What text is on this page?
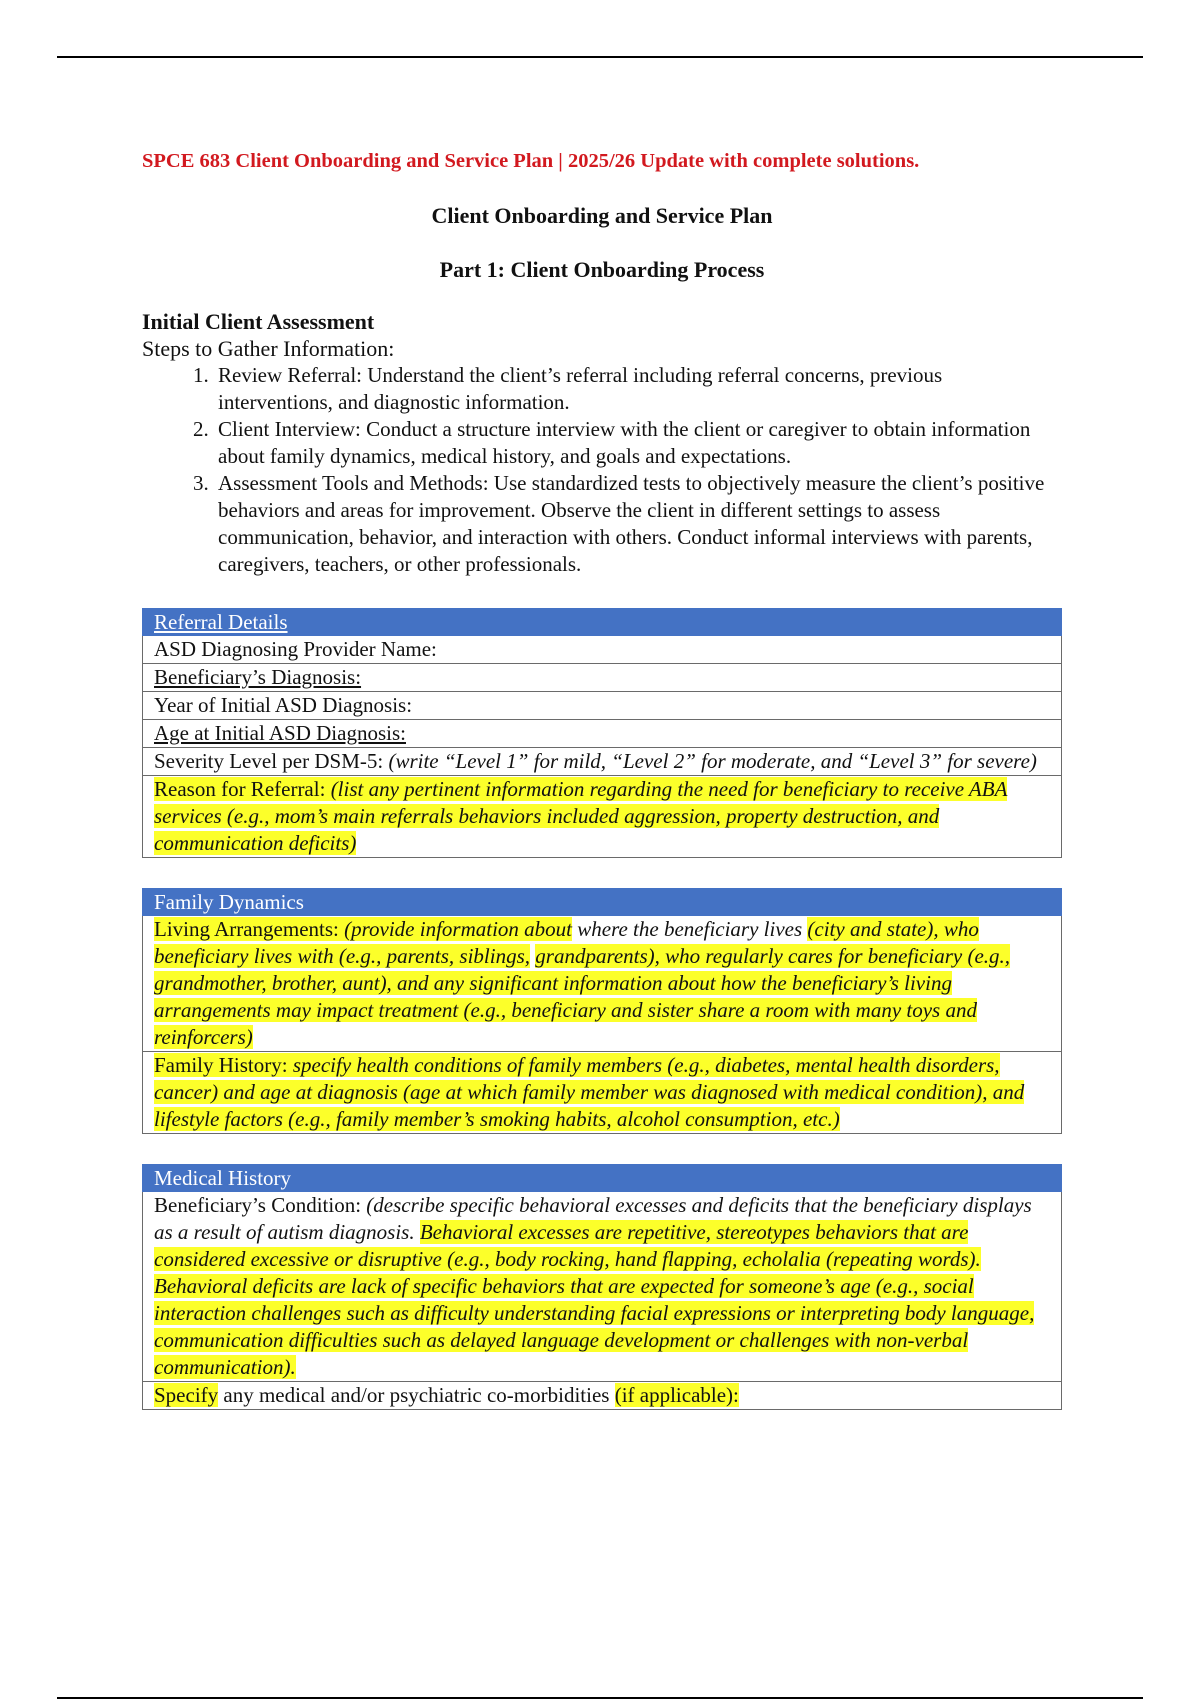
SPCE 683 Client Onboarding and Service Plan | 2025/26 Update with complete solutions.

Client Onboarding and Service Plan

Part 1: Client Onboarding Process

Initial Client Assessment

Steps to Gather Information:

1. Review Referral: Understand the client’s referral including referral concerns, previous interventions, and diagnostic information.
2. Client Interview: Conduct a structure interview with the client or caregiver to obtain information about family dynamics, medical history, and goals and expectations.
3. Assessment Tools and Methods: Use standardized tests to objectively measure the client’s positive behaviors and areas for improvement. Observe the client in different settings to assess communication, behavior, and interaction with others. Conduct informal interviews with parents, caregivers, teachers, or other professionals.
Referral Details
ASD Diagnosing Provider Name:
Beneficiary’s Diagnosis:
Year of Initial ASD Diagnosis:
Age at Initial ASD Diagnosis:
Severity Level per DSM-5: (write “Level 1” for mild, “Level 2” for moderate, and “Level 3” for severe)
Reason for Referral: (list any pertinent information regarding the need for beneficiary to receive ABA services (e.g., mom’s main referrals behaviors included aggression, property destruction, and communication deficits)
Family Dynamics
Living Arrangements: (provide information about where the beneficiary lives (city and state), who beneficiary lives with (e.g., parents, siblings, grandparents), who regularly cares for beneficiary (e.g., grandmother, brother, aunt), and any significant information about how the beneficiary’s living arrangements may impact treatment (e.g., beneficiary and sister share a room with many toys and reinforcers)
Family History: specify health conditions of family members (e.g., diabetes, mental health disorders, cancer) and age at diagnosis (age at which family member was diagnosed with medical condition), and lifestyle factors (e.g., family member’s smoking habits, alcohol consumption, etc.)
Medical History
Beneficiary’s Condition: (describe specific behavioral excesses and deficits that the beneficiary displays as a result of autism diagnosis. Behavioral excesses are repetitive, stereotypes behaviors that are considered excessive or disruptive (e.g., body rocking, hand flapping, echolalia (repeating words). Behavioral deficits are lack of specific behaviors that are expected for someone’s age (e.g., social interaction challenges such as difficulty understanding facial expressions or interpreting body language, communication difficulties such as delayed language development or challenges with non-verbal communication).
Specify any medical and/or psychiatric co-morbidities (if applicable):
